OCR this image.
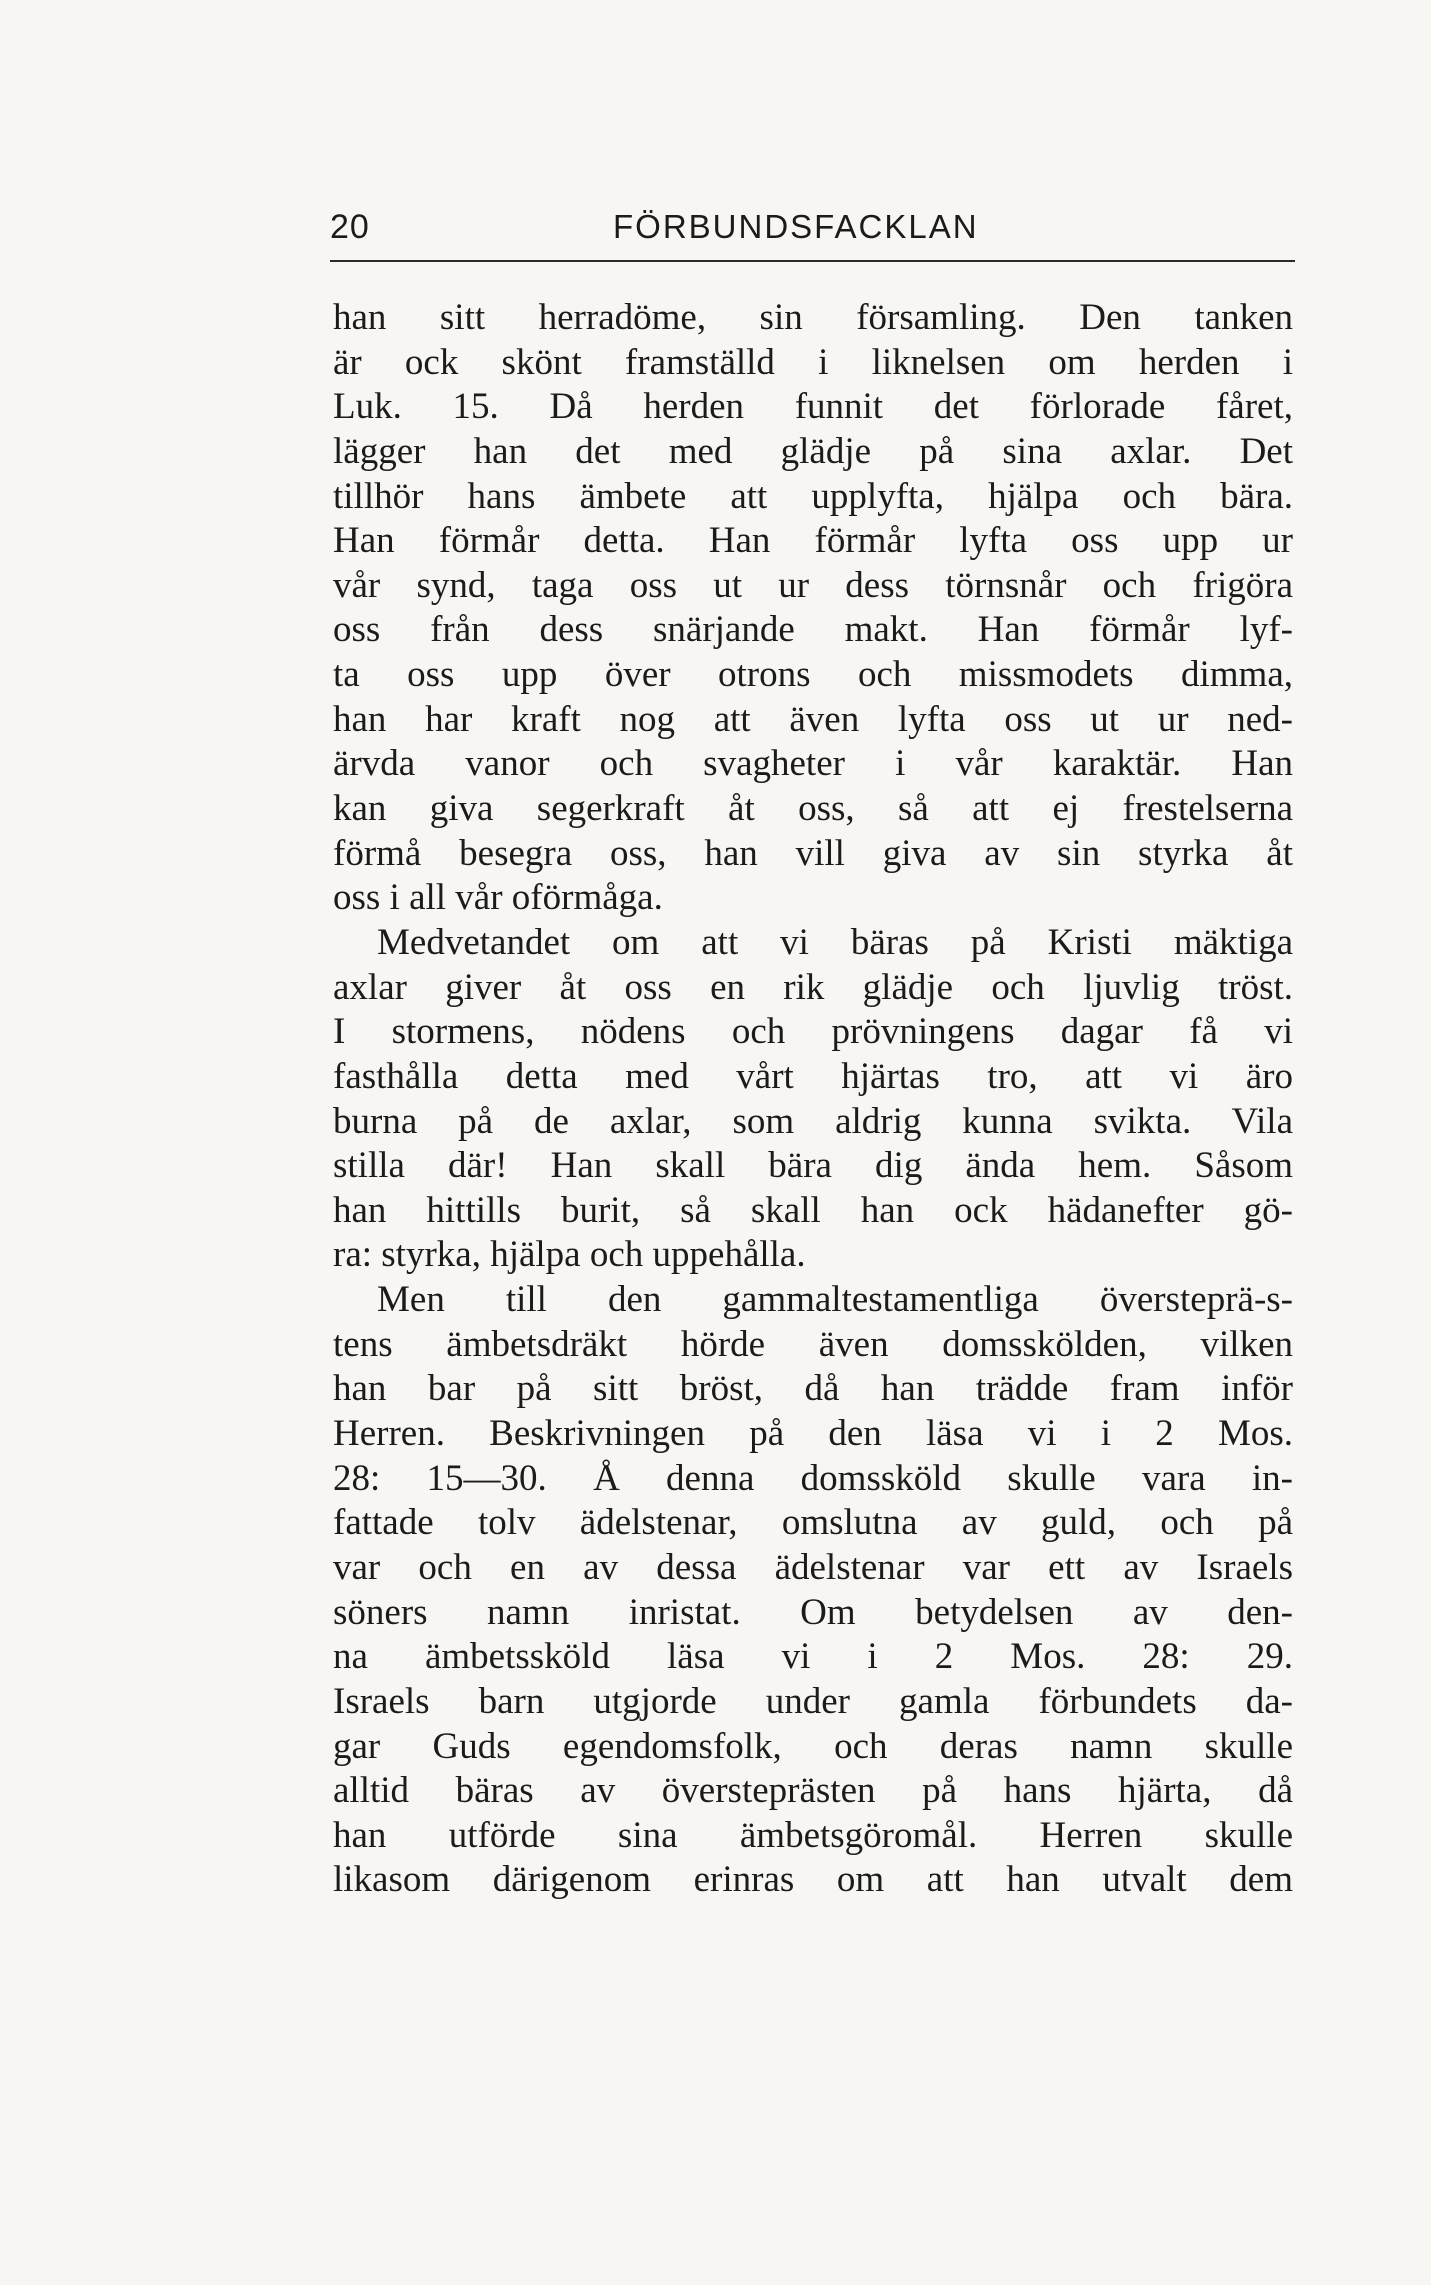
20	FÖRBUNDSFACKLAN
han sitt herradöme, sin församling. Den tanken
är ock skönt framställd i liknelsen om herden i
Luk. 15. Då herden funnit det förlorade fåret,
lägger han det med glädje på sina axlar. Det
tillhör hans ämbete att upplyfta, hjälpa och bära.
Han förmår detta. Han förmår lyfta oss upp ur
vår synd, taga oss ut ur dess törnsnår och frigöra
oss från dess snärjande makt. Han förmår lyf-
ta oss upp över otrons och missmodets dimma,
han har kraft nog att även lyfta oss ut ur ned-
ärvda vanor och svagheter i vår karaktär. Han
kan giva segerkraft åt oss, så att ej frestelserna
förmå besegra oss, han vill giva av sin styrka åt
oss i all vår oförmåga.
Medvetandet om att vi bäras på Kristi mäktiga
axlar giver åt oss en rik glädje och ljuvlig tröst.
I stormens, nödens och prövningens dagar få vi
fasthålla detta med vårt hjärtas tro, att vi äro
burna på de axlar, som aldrig kunna svikta. Vila
stilla där! Han skall bära dig ända hem. Såsom
han hittills burit, så skall han ock hädanefter gö-
ra: styrka, hjälpa och uppehålla.
Men till den gammaltestamentliga översteprä-s-
tens ämbetsdräkt hörde även domsskölden, vilken
han bar på sitt bröst, då han trädde fram inför
Herren. Beskrivningen på den läsa vi i 2 Mos.
28: 15—30. Å denna domssköld skulle vara in-
fattade tolv ädelstenar, omslutna av guld, och på
var och en av dessa ädelstenar var ett av Israels
söners namn inristat. Om betydelsen av den-
na ämbetssköld läsa vi i 2 Mos. 28: 29.
Israels barn utgjorde under gamla förbundets da-
gar Guds egendomsfolk, och deras namn skulle
alltid bäras av översteprästen på hans hjärta, då
han utförde sina ämbetsgöromål. Herren skulle
likasom därigenom erinras om att han utvalt dem
